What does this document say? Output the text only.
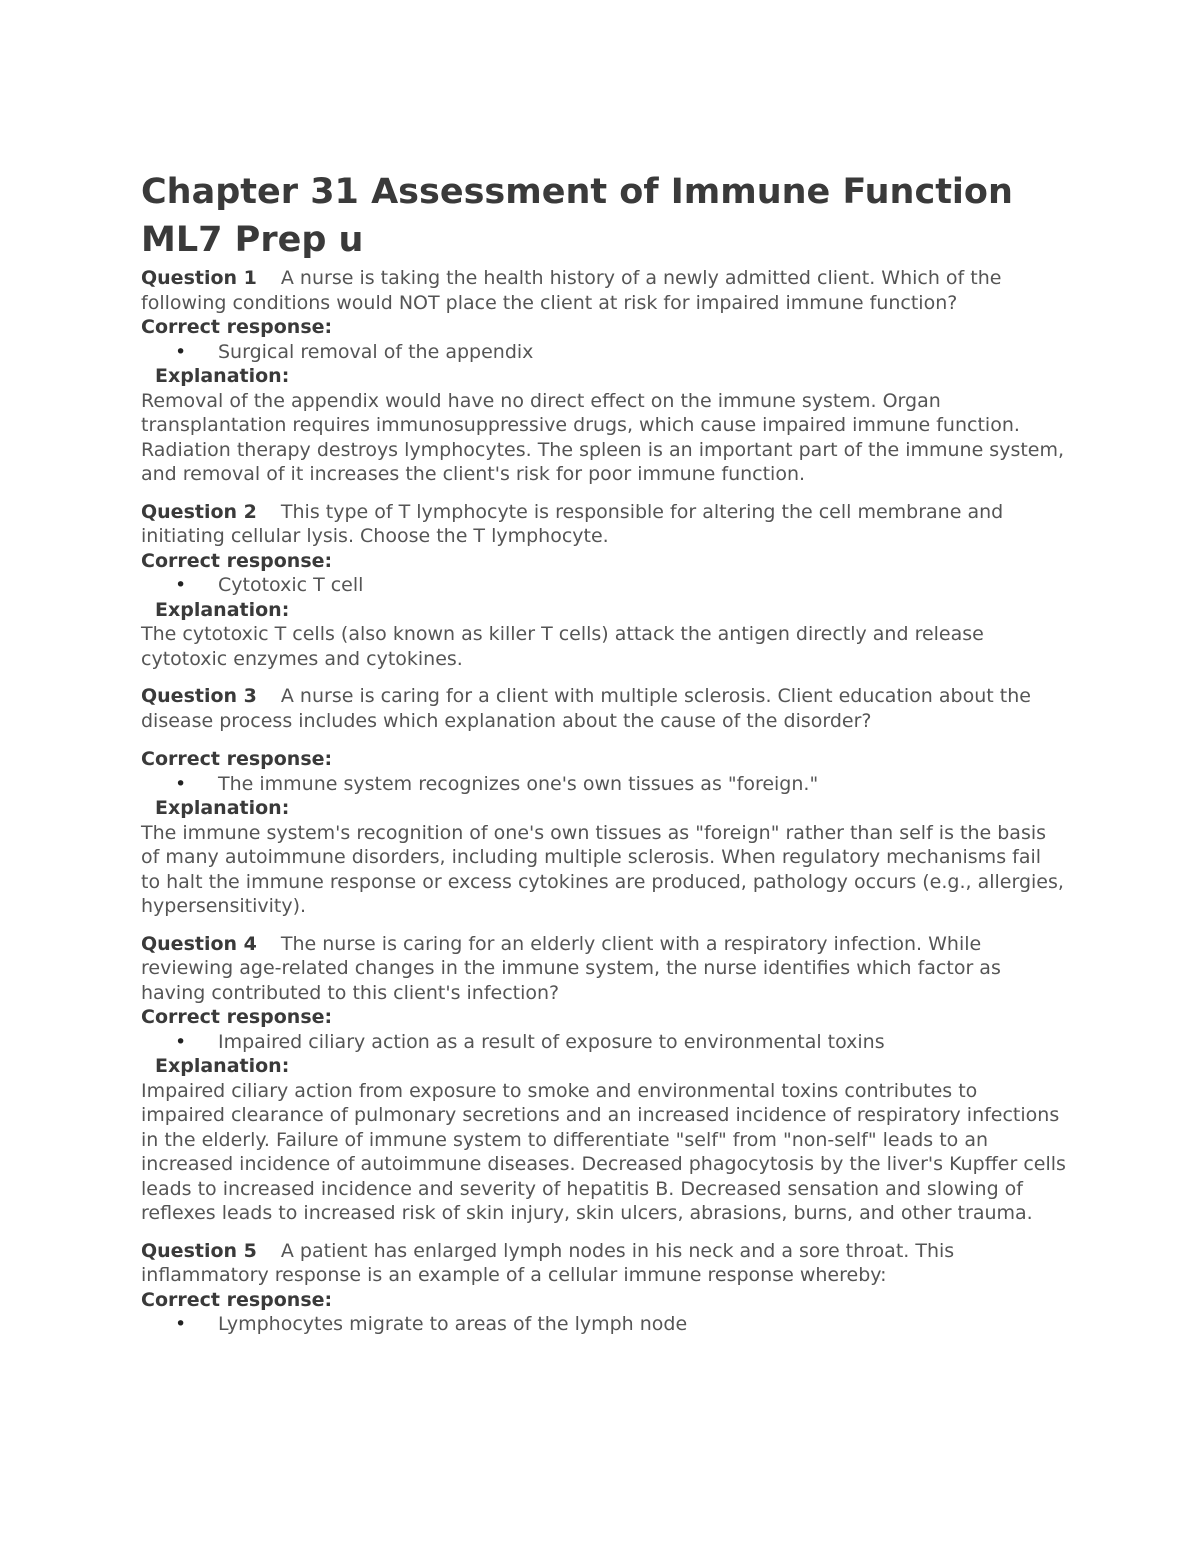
Chapter 31 Assessment of Immune Function ML7 Prep u

Question 1 A nurse is taking the health history of a newly admitted client. Which of the following conditions would NOT place the client at risk for impaired immune function?

Correct response:

• Surgical removal of the appendix

Explanation:

Removal of the appendix would have no direct effect on the immune system. Organ transplantation requires immunosuppressive drugs, which cause impaired immune function. Radiation therapy destroys lymphocytes. The spleen is an important part of the immune system, and removal of it increases the client's risk for poor immune function.

Question 2 This type of T lymphocyte is responsible for altering the cell membrane and initiating cellular lysis. Choose the T lymphocyte.

Correct response:

• Cytotoxic T cell

Explanation:

The cytotoxic T cells (also known as killer T cells) attack the antigen directly and release cytotoxic enzymes and cytokines.

Question 3 A nurse is caring for a client with multiple sclerosis. Client education about the disease process includes which explanation about the cause of the disorder?

Correct response:

• The immune system recognizes one's own tissues as "foreign."

Explanation:

The immune system's recognition of one's own tissues as "foreign" rather than self is the basis of many autoimmune disorders, including multiple sclerosis. When regulatory mechanisms fail to halt the immune response or excess cytokines are produced, pathology occurs (e.g., allergies, hypersensitivity).

Question 4 The nurse is caring for an elderly client with a respiratory infection. While reviewing age-related changes in the immune system, the nurse identifies which factor as having contributed to this client's infection?

Correct response:

• Impaired ciliary action as a result of exposure to environmental toxins

Explanation:

Impaired ciliary action from exposure to smoke and environmental toxins contributes to impaired clearance of pulmonary secretions and an increased incidence of respiratory infections in the elderly. Failure of immune system to differentiate "self" from "non-self" leads to an increased incidence of autoimmune diseases. Decreased phagocytosis by the liver's Kupffer cells leads to increased incidence and severity of hepatitis B. Decreased sensation and slowing of reflexes leads to increased risk of skin injury, skin ulcers, abrasions, burns, and other trauma.

Question 5 A patient has enlarged lymph nodes in his neck and a sore throat. This inflammatory response is an example of a cellular immune response whereby:

Correct response:

• Lymphocytes migrate to areas of the lymph node
